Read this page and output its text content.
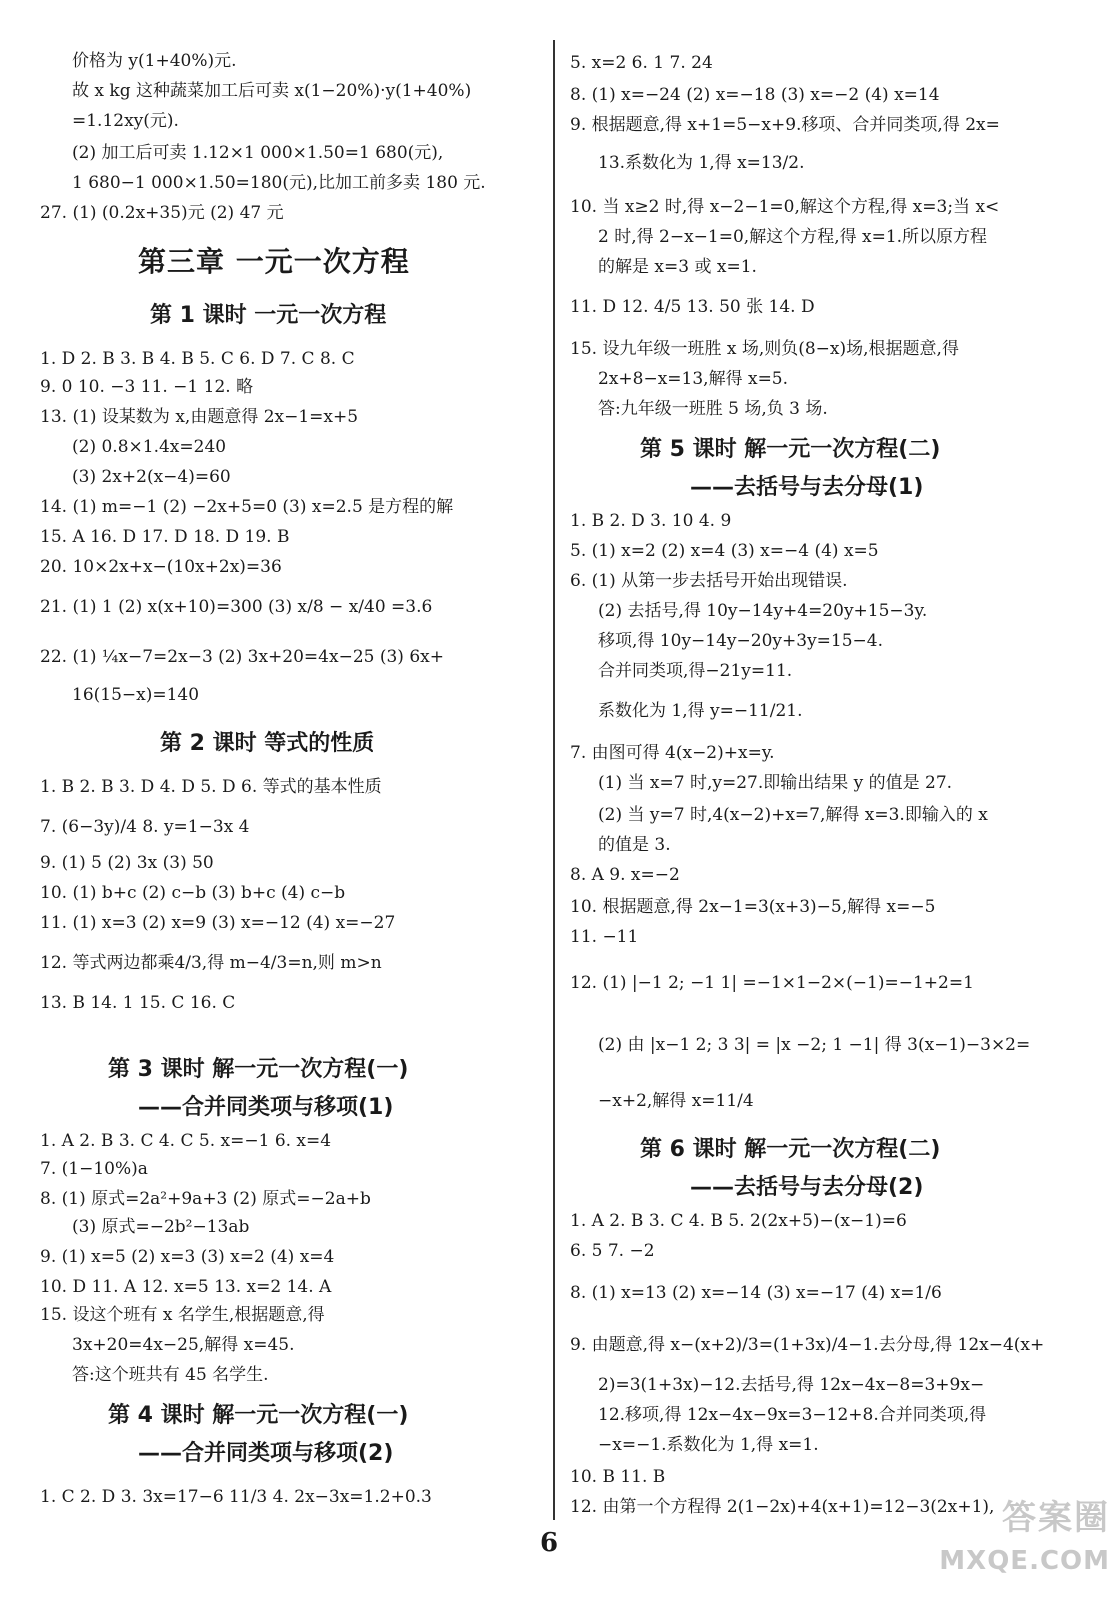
价格为 y(1+40%)元.
故 x kg 这种蔬菜加工后可卖 x(1−20%)·y(1+40%)
=1.12xy(元).
(2) 加工后可卖 1.12×1 000×1.50=1 680(元),
1 680−1 000×1.50=180(元),比加工前多卖 180 元.
27. (1) (0.2x+35)元 (2) 47 元
第三章 一元一次方程
第 1 课时 一元一次方程
1. D 2. B 3. B 4. B 5. C 6. D 7. C 8. C
9. 0 10. −3 11. −1 12. 略
13. (1) 设某数为 x,由题意得 2x−1=x+5
(2) 0.8×1.4x=240
(3) 2x+2(x−4)=60
14. (1) m=−1 (2) −2x+5=0 (3) x=2.5 是方程的解
15. A 16. D 17. D 18. D 19. B
20. 10×2x+x−(10x+2x)=36
21. (1) 1 (2) x(x+10)=300 (3) x/8 − x/40 =3.6
22. (1) ¼x−7=2x−3 (2) 3x+20=4x−25 (3) 6x+
16(15−x)=140
第 2 课时 等式的性质
1. B 2. B 3. D 4. D 5. D 6. 等式的基本性质
7. (6−3y)/4 8. y=1−3x 4
9. (1) 5 (2) 3x (3) 50
10. (1) b+c (2) c−b (3) b+c (4) c−b
11. (1) x=3 (2) x=9 (3) x=−12 (4) x=−27
12. 等式两边都乘4/3,得 m−4/3=n,则 m>n
13. B 14. 1 15. C 16. C
第 3 课时 解一元一次方程(一)
——合并同类项与移项(1)
1. A 2. B 3. C 4. C 5. x=−1 6. x=4
7. (1−10%)a
8. (1) 原式=2a²+9a+3 (2) 原式=−2a+b
(3) 原式=−2b²−13ab
9. (1) x=5 (2) x=3 (3) x=2 (4) x=4
10. D 11. A 12. x=5 13. x=2 14. A
15. 设这个班有 x 名学生,根据题意,得
3x+20=4x−25,解得 x=45.
答:这个班共有 45 名学生.
第 4 课时 解一元一次方程(一)
——合并同类项与移项(2)
1. C 2. D 3. 3x=17−6 11/3 4. 2x−3x=1.2+0.3
5. x=2 6. 1 7. 24
8. (1) x=−24 (2) x=−18 (3) x=−2 (4) x=14
9. 根据题意,得 x+1=5−x+9.移项、合并同类项,得 2x=
13.系数化为 1,得 x=13/2.
10. 当 x≥2 时,得 x−2−1=0,解这个方程,得 x=3;当 x<
2 时,得 2−x−1=0,解这个方程,得 x=1.所以原方程
的解是 x=3 或 x=1.
11. D 12. 4/5 13. 50 张 14. D
15. 设九年级一班胜 x 场,则负(8−x)场,根据题意,得
2x+8−x=13,解得 x=5.
答:九年级一班胜 5 场,负 3 场.
第 5 课时 解一元一次方程(二)
——去括号与去分母(1)
1. B 2. D 3. 10 4. 9
5. (1) x=2 (2) x=4 (3) x=−4 (4) x=5
6. (1) 从第一步去括号开始出现错误.
(2) 去括号,得 10y−14y+4=20y+15−3y.
移项,得 10y−14y−20y+3y=15−4.
合并同类项,得−21y=11.
系数化为 1,得 y=−11/21.
7. 由图可得 4(x−2)+x=y.
(1) 当 x=7 时,y=27.即输出结果 y 的值是 27.
(2) 当 y=7 时,4(x−2)+x=7,解得 x=3.即输入的 x
的值是 3.
8. A 9. x=−2
10. 根据题意,得 2x−1=3(x+3)−5,解得 x=−5
11. −11
12. (1) |−1 2; −1 1| =−1×1−2×(−1)=−1+2=1
(2) 由 |x−1 2; 3 3| = |x −2; 1 −1| 得 3(x−1)−3×2=
−x+2,解得 x=11/4
第 6 课时 解一元一次方程(二)
——去括号与去分母(2)
1. A 2. B 3. C 4. B 5. 2(2x+5)−(x−1)=6
6. 5 7. −2
8. (1) x=13 (2) x=−14 (3) x=−17 (4) x=1/6
9. 由题意,得 x−(x+2)/3=(1+3x)/4−1.去分母,得 12x−4(x+
2)=3(1+3x)−12.去括号,得 12x−4x−8=3+9x−
12.移项,得 12x−4x−9x=3−12+8.合并同类项,得
−x=−1.系数化为 1,得 x=1.
10. B 11. B
12. 由第一个方程得 2(1−2x)+4(x+1)=12−3(2x+1),
6
答案圈
MXQE.COM
